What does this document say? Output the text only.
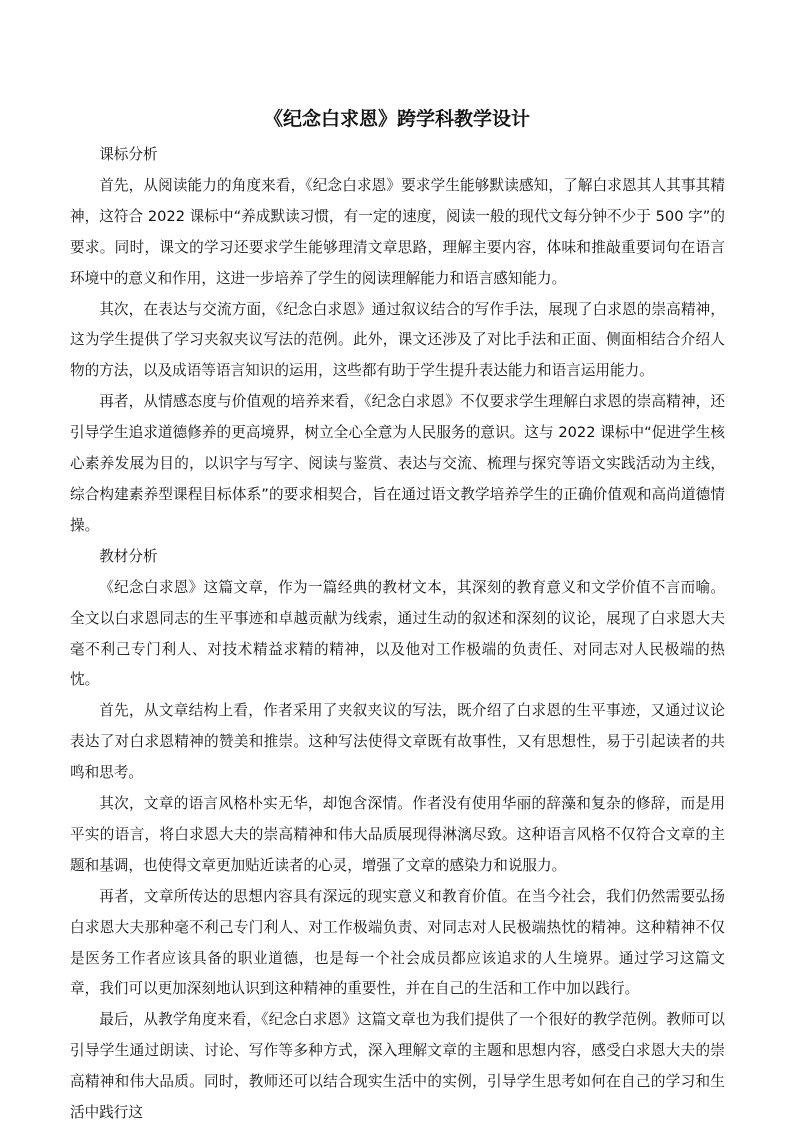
《纪念白求恩》跨学科教学设计
课标分析

首先，从阅读能力的角度来看，《纪念白求恩》要求学生能够默读感知，了解白求恩其人其事其精神，这符合 2022 课标中“养成默读习惯，有一定的速度，阅读一般的现代文每分钟不少于 500 字”的要求。同时，课文的学习还要求学生能够理清文章思路，理解主要内容，体味和推敲重要词句在语言环境中的意义和作用，这进一步培养了学生的阅读理解能力和语言感知能力。

其次，在表达与交流方面，《纪念白求恩》通过叙议结合的写作手法，展现了白求恩的崇高精神，这为学生提供了学习夹叙夹议写法的范例。此外，课文还涉及了对比手法和正面、侧面相结合介绍人物的方法，以及成语等语言知识的运用，这些都有助于学生提升表达能力和语言运用能力。

再者，从情感态度与价值观的培养来看，《纪念白求恩》不仅要求学生理解白求恩的崇高精神，还引导学生追求道德修养的更高境界，树立全心全意为人民服务的意识。这与 2022 课标中“促进学生核心素养发展为目的，以识字与写字、阅读与鉴赏、表达与交流、梳理与探究等语文实践活动为主线，综合构建素养型课程目标体系”的要求相契合，旨在通过语文教学培养学生的正确价值观和高尚道德情操。

教材分析

《纪念白求恩》这篇文章，作为一篇经典的教材文本，其深刻的教育意义和文学价值不言而喻。全文以白求恩同志的生平事迹和卓越贡献为线索，通过生动的叙述和深刻的议论，展现了白求恩大夫毫不利己专门利人、对技术精益求精的精神，以及他对工作极端的负责任、对同志对人民极端的热忱。

首先，从文章结构上看，作者采用了夹叙夹议的写法，既介绍了白求恩的生平事迹，又通过议论表达了对白求恩精神的赞美和推崇。这种写法使得文章既有故事性，又有思想性，易于引起读者的共鸣和思考。

其次，文章的语言风格朴实无华，却饱含深情。作者没有使用华丽的辞藻和复杂的修辞，而是用平实的语言，将白求恩大夫的崇高精神和伟大品质展现得淋漓尽致。这种语言风格不仅符合文章的主题和基调，也使得文章更加贴近读者的心灵，增强了文章的感染力和说服力。

再者，文章所传达的思想内容具有深远的现实意义和教育价值。在当今社会，我们仍然需要弘扬白求恩大夫那种毫不利己专门利人、对工作极端负责、对同志对人民极端热忱的精神。这种精神不仅是医务工作者应该具备的职业道德，也是每一个社会成员都应该追求的人生境界。通过学习这篇文章，我们可以更加深刻地认识到这种精神的重要性，并在自己的生活和工作中加以践行。

最后，从教学角度来看，《纪念白求恩》这篇文章也为我们提供了一个很好的教学范例。教师可以引导学生通过朗读、讨论、写作等多种方式，深入理解文章的主题和思想内容，感受白求恩大夫的崇高精神和伟大品质。同时，教师还可以结合现实生活中的实例，引导学生思考如何在自己的学习和生活中践行这
